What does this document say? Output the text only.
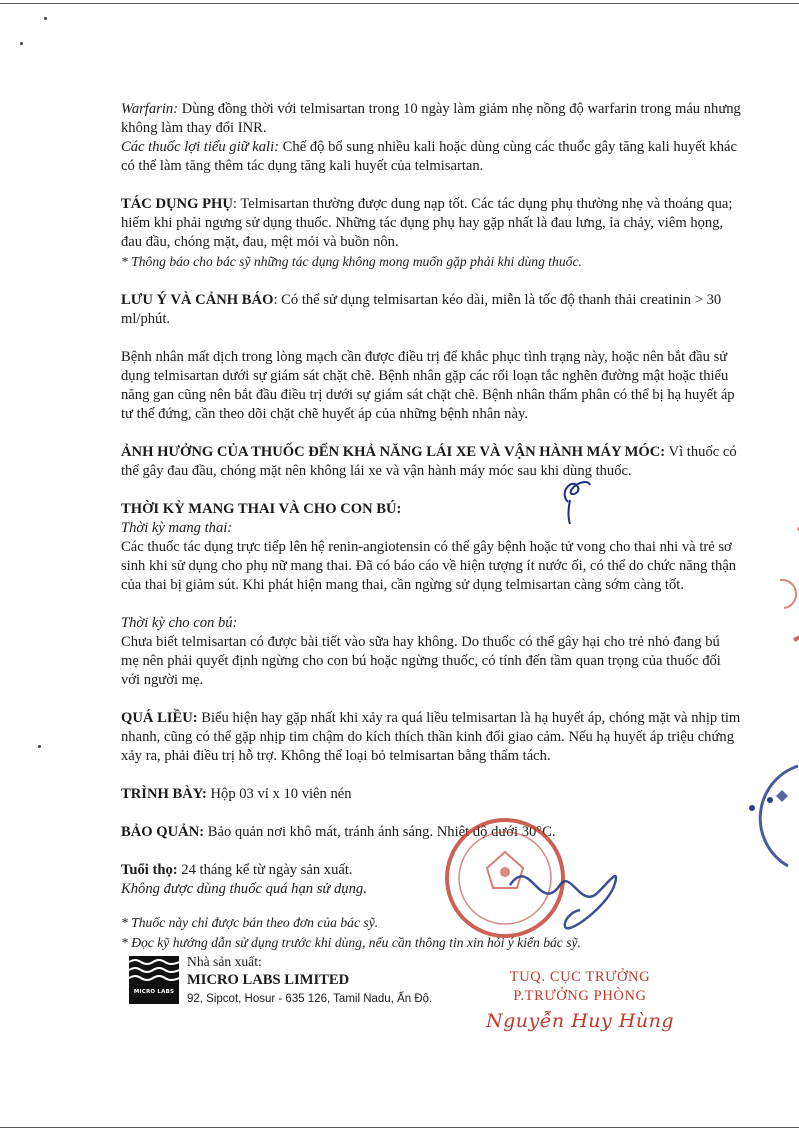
Warfarin: Dùng đồng thời với telmisartan trong 10 ngày làm giảm nhẹ nồng độ warfarin trong máu nhưng không làm thay đổi INR.

Các thuốc lợi tiểu giữ kali: Chế độ bổ sung nhiều kali hoặc dùng cùng các thuốc gây tăng kali huyết khác có thể làm tăng thêm tác dụng tăng kali huyết của telmisartan.

TÁC DỤNG PHỤ: Telmisartan thường được dung nạp tốt. Các tác dụng phụ thường nhẹ và thoáng qua; hiếm khi phải ngưng sử dụng thuốc. Những tác dụng phụ hay gặp nhất là đau lưng, ỉa chảy, viêm họng, đau đầu, chóng mặt, đau, mệt mỏi và buồn nôn.

* Thông báo cho bác sỹ những tác dụng không mong muốn gặp phải khi dùng thuốc.

LƯU Ý VÀ CẢNH BÁO: Có thể sử dụng telmisartan kéo dài, miễn là tốc độ thanh thải creatinin > 30 ml/phút.

Bệnh nhân mất dịch trong lòng mạch cần được điều trị để khắc phục tình trạng này, hoặc nên bắt đầu sử dụng telmisartan dưới sự giám sát chặt chẽ. Bệnh nhân gặp các rối loạn tắc nghẽn đường mật hoặc thiểu năng gan cũng nên bắt đầu điều trị dưới sự giám sát chặt chẽ. Bệnh nhân thẩm phân có thể bị hạ huyết áp tư thế đứng, cần theo dõi chặt chẽ huyết áp của những bệnh nhân này.

ẢNH HƯỞNG CỦA THUỐC ĐẾN KHẢ NĂNG LÁI XE VÀ VẬN HÀNH MÁY MÓC: Vì thuốc có thể gây đau đầu, chóng mặt nên không lái xe và vận hành máy móc sau khi dùng thuốc.

THỜI KỲ MANG THAI VÀ CHO CON BÚ:

Thời kỳ mang thai:

Các thuốc tác dụng trực tiếp lên hệ renin-angiotensin có thể gây bệnh hoặc tử vong cho thai nhi và trẻ sơ sinh khi sử dụng cho phụ nữ mang thai. Đã có báo cáo về hiện tượng ít nước ối, có thể do chức năng thận của thai bị giảm sút. Khi phát hiện mang thai, cần ngừng sử dụng telmisartan càng sớm càng tốt.

Thời kỳ cho con bú:

Chưa biết telmisartan có được bài tiết vào sữa hay không. Do thuốc có thể gây hại cho trẻ nhỏ đang bú mẹ nên phải quyết định ngừng cho con bú hoặc ngừng thuốc, có tính đến tầm quan trọng của thuốc đối với người mẹ.

QUÁ LIỀU: Biểu hiện hay gặp nhất khi xảy ra quá liều telmisartan là hạ huyết áp, chóng mặt và nhịp tim nhanh, cũng có thể gặp nhịp tim chậm do kích thích thần kinh đối giao cảm. Nếu hạ huyết áp triệu chứng xảy ra, phải điều trị hỗ trợ. Không thể loại bỏ telmisartan bằng thẩm tách.

TRÌNH BÀY: Hộp 03 vỉ x 10 viên nén

BẢO QUẢN: Bảo quản nơi khô mát, tránh ánh sáng. Nhiệt độ dưới 30°C.

Tuổi thọ: 24 tháng kể từ ngày sản xuất.

Không được dùng thuốc quá hạn sử dụng.

* Thuốc này chỉ được bán theo đơn của bác sỹ.

* Đọc kỹ hướng dẫn sử dụng trước khi dùng, nếu cần thông tin xin hỏi ý kiến bác sỹ.

MICRO LABS
Nhà sản xuất:
MICRO LABS LIMITED
92, Sipcot, Hosur - 635 126, Tamil Nadu, Ấn Độ.
TUQ. CỤC TRƯỞNG
P.TRƯỞNG PHÒNG
Nguyễn Huy Hùng
